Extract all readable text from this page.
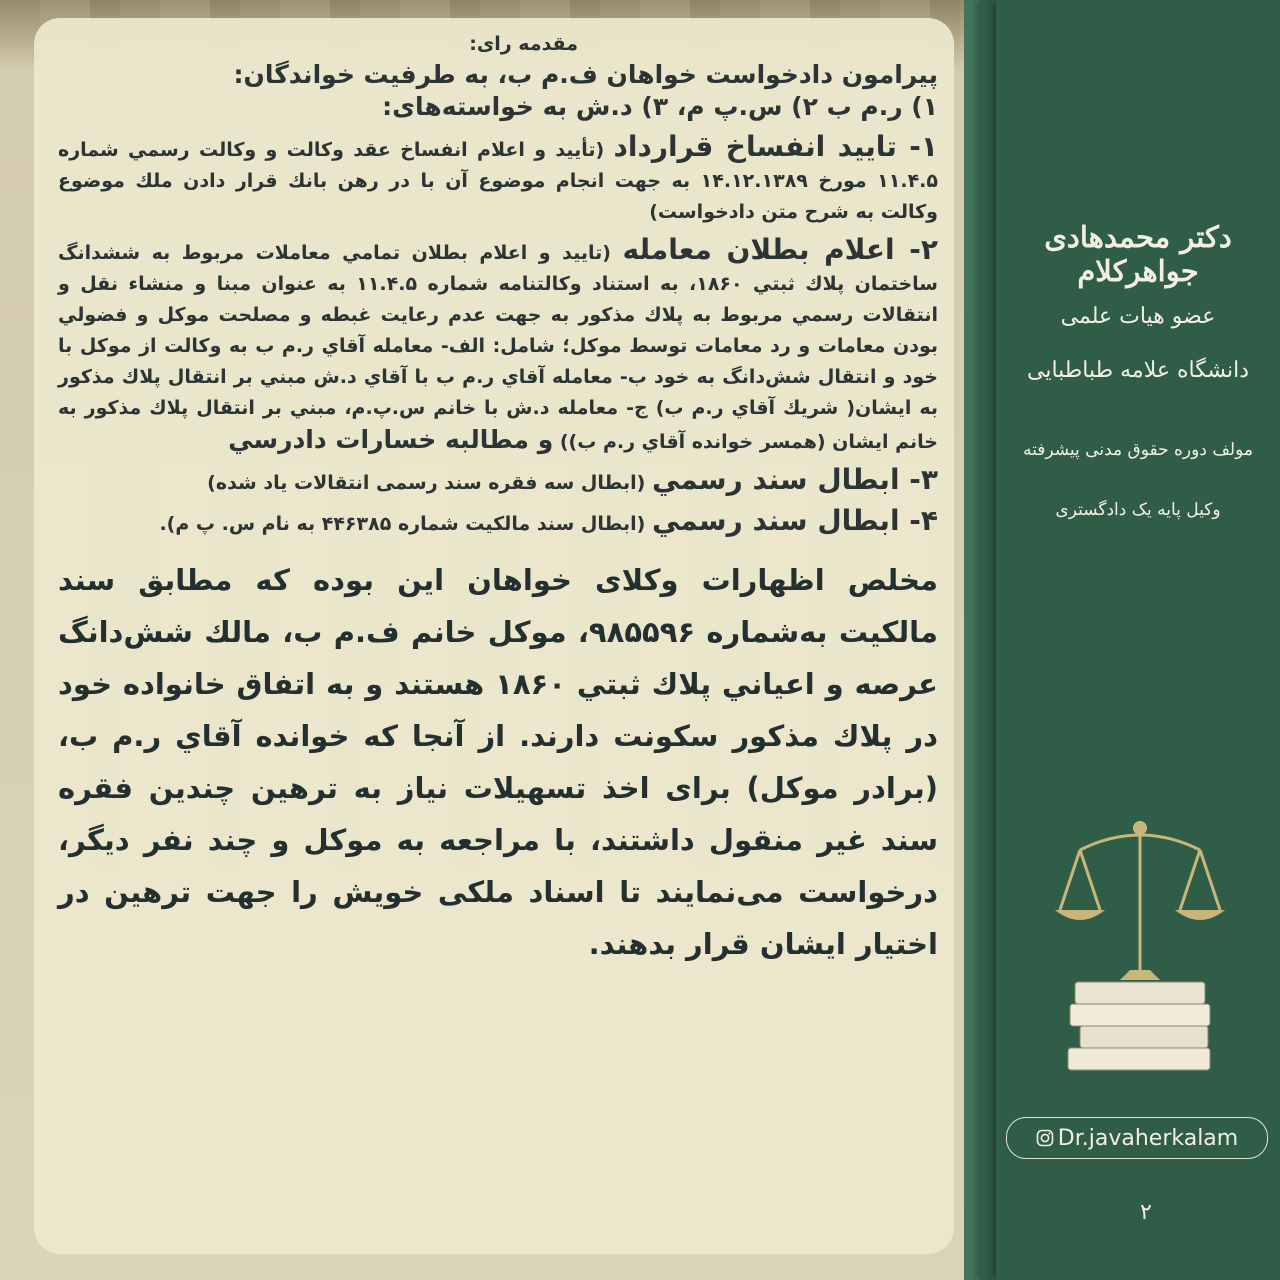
مقدمه رای:

پیرامون دادخواست خواهان ف.م ب، به طرفیت خواندگان:

۱) ر.م ب ۲) س.پ م، ۳) د.ش به خواسته‌های:

۱- تایید انفساخ قرارداد (تأیید و اعلام انفساخ عقد وکالت و وکالت رسمي شماره ۱۱.۴.۵ مورخ ۱۴.۱۲.۱۳۸۹ به جهت انجام موضوع آن با در رهن بانك قرار دادن ملك موضوع وکالت به شرح متن دادخواست)

۲- اعلام بطلان معامله (تاييد و اعلام بطلان تمامي معاملات مربوط به ششدانگ ساختمان پلاك ثبتي ۱۸۶۰، به استناد وکالتنامه شماره ۱۱.۴.۵ به عنوان مبنا و منشاء نقل و انتقالات رسمي مربوط به پلاك مذكور به جهت عدم رعايت غبطه و مصلحت موكل و فضولي بودن معامات و رد معامات توسط موكل؛ شامل: الف- معامله آقاي ر.م ب به وكالت از موكل با خود و انتقال شش‌دانگ به خود ب- معامله آقاي ر.م ب با آقاي د.ش مبني بر انتقال پلاك مذكور به ايشان( شريك آقاي ر.م ب) ج- معامله د.ش با خانم س.پ.م، مبني بر انتقال پلاك مذكور به خانم ايشان (همسر خوانده آقاي ر.م ب)) و مطالبه خسارات دادرسي

۳- ابطال سند رسمي (ابطال سه فقره سند رسمی انتقالات یاد شده)

۴- ابطال سند رسمي (ابطال سند مالكيت شماره ۴۴۶۳۸۵ به نام س. پ م).

مخلص اظهارات وكلای خواهان این بوده كه مطابق سند مالكيت به‌شماره ۹۸۵۵۹۶، موكل خانم ف.م ب، مالك شش‌دانگ عرصه و اعياني پلاك ثبتي ۱۸۶۰ هستند و به اتفاق خانواده خود در پلاك مذكور سكونت دارند. از آنجا كه خوانده آقاي ر.م ب، (برادر موكل) برای اخذ تسهيلات نياز به ترهين چندين فقره سند غير منقول داشتند، با مراجعه به موكل و چند نفر ديگر، درخواست می‌نمايند تا اسناد ملكی خويش را جهت ترهين در اختيار ايشان قرار بدهند.

دکتر محمدهادی جواهرکلام
عضو هیات علمی
دانشگاه علامه طباطبایی
مولف دوره حقوق مدنی پیشرفته
وکیل پایه یک دادگستری
Dr.javaherkalam
۲
